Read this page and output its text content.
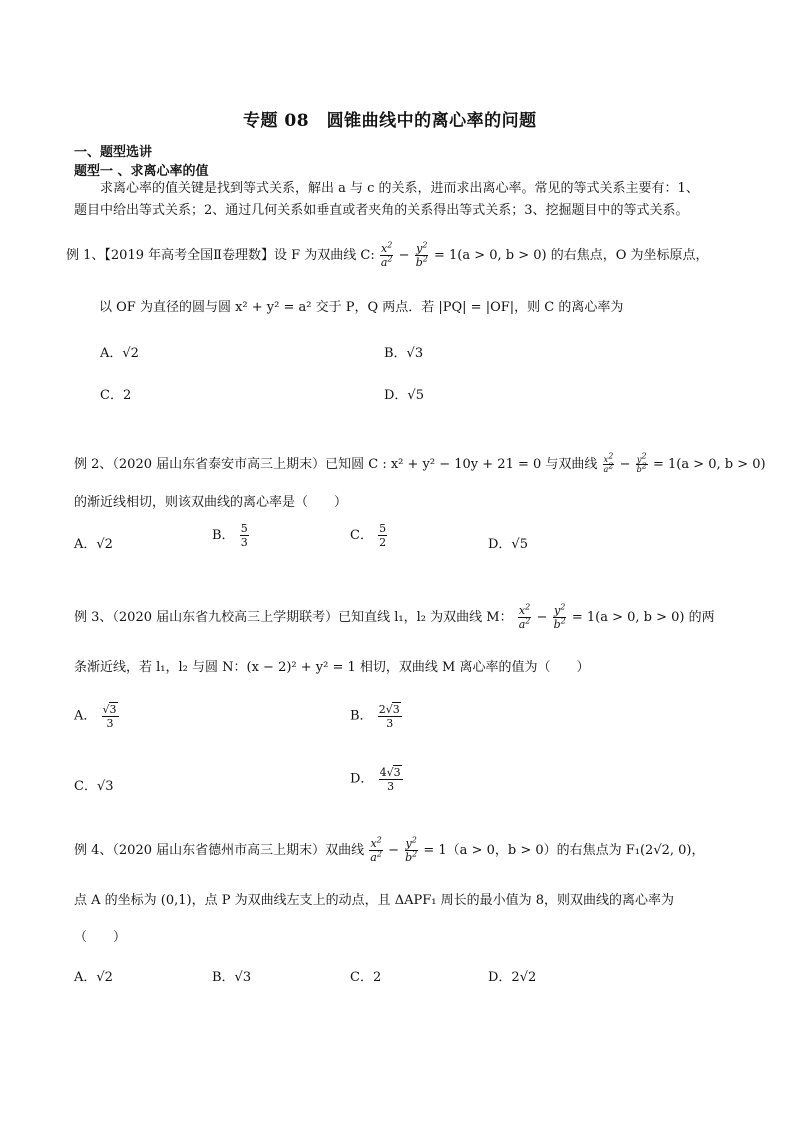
专题 08　圆锥曲线中的离心率的问题
一、题型选讲
题型一 、求离心率的值
求离心率的值关键是找到等式关系，解出 a 与 c 的关系，进而求出离心率。常见的等式关系主要有：1、
题目中给出等式关系；2、通过几何关系如垂直或者夹角的关系得出等式关系；3、挖掘题目中的等式关系。
例 1、【2019 年高考全国Ⅱ卷理数】设 F 为双曲线 C: $\frac{x^2}{a^2} - \frac{y^2}{b^2} = 1(a > 0$, b > 0) 的右焦点，O 为坐标原点，
以 OF 为直径的圆与圆 x² + y² = a² 交于 P，Q 两点．若 |PQ| = |OF|，则 C 的离心率为
A．√2	B．√3
C．2	D．√5
例 2、（2020 届山东省泰安市高三上期末）已知圆 C : x² + y² − 10y + 21 = 0 与双曲线 $\frac{x^2}{a^2} - \frac{y^2}{b^2} = 1(a > 0$, b > 0)
的渐近线相切，则该双曲线的离心率是（　　）
A．√2
B． $\frac{5}{3}$	C． $\frac{5}{2}$	D．√5
例 3、（2020 届山东省九校高三上学期联考）已知直线 l₁，l₂ 为双曲线 M： $\frac{x^2}{a^2} - \frac{y^2}{b^2} = 1(a > 0$, b > 0) 的两
条渐近线，若 l₁，l₂ 与圆 N：(x − 2)² + y² = 1 相切，双曲线 M 离心率的值为（　　）
A． $\frac{√3}{3}$	B． $\frac{2√3}{3}$
C．√3	D． $\frac{4√3}{3}$
例 4、（2020 届山东省德州市高三上期末）双曲线 $\frac{x^2}{a^2} - \frac{y^2}{b^2} = 1(a > 0$，b > 0）的右焦点为 F₁(2√2, 0)，
点 A 的坐标为 (0,1)，点 P 为双曲线左支上的动点，且 ΔAPF₁ 周长的最小值为 8，则双曲线的离心率为
（　　）
A．√2	B．√3	C．2	D．2√2
